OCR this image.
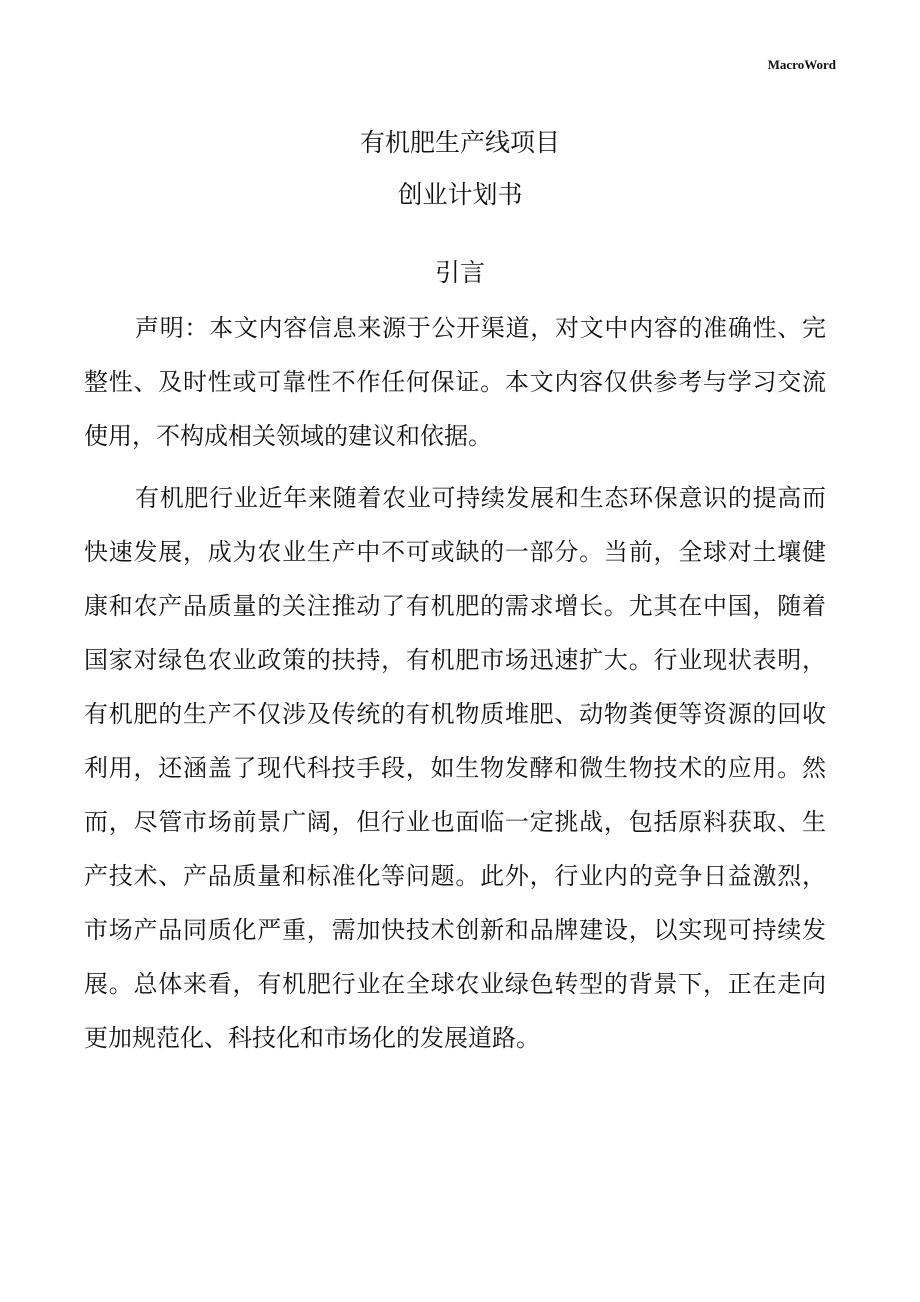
MacroWord
有机肥生产线项目
创业计划书
引言
声明：本文内容信息来源于公开渠道，对文中内容的准确性、完
整性、及时性或可靠性不作任何保证。本文内容仅供参考与学习交流
使用，不构成相关领域的建议和依据。
有机肥行业近年来随着农业可持续发展和生态环保意识的提高而
快速发展，成为农业生产中不可或缺的一部分。当前，全球对土壤健
康和农产品质量的关注推动了有机肥的需求增长。尤其在中国，随着
国家对绿色农业政策的扶持，有机肥市场迅速扩大。行业现状表明，
有机肥的生产不仅涉及传统的有机物质堆肥、动物粪便等资源的回收
利用，还涵盖了现代科技手段，如生物发酵和微生物技术的应用。然
而，尽管市场前景广阔，但行业也面临一定挑战，包括原料获取、生
产技术、产品质量和标准化等问题。此外，行业内的竞争日益激烈，
市场产品同质化严重，需加快技术创新和品牌建设，以实现可持续发
展。总体来看，有机肥行业在全球农业绿色转型的背景下，正在走向
更加规范化、科技化和市场化的发展道路。
